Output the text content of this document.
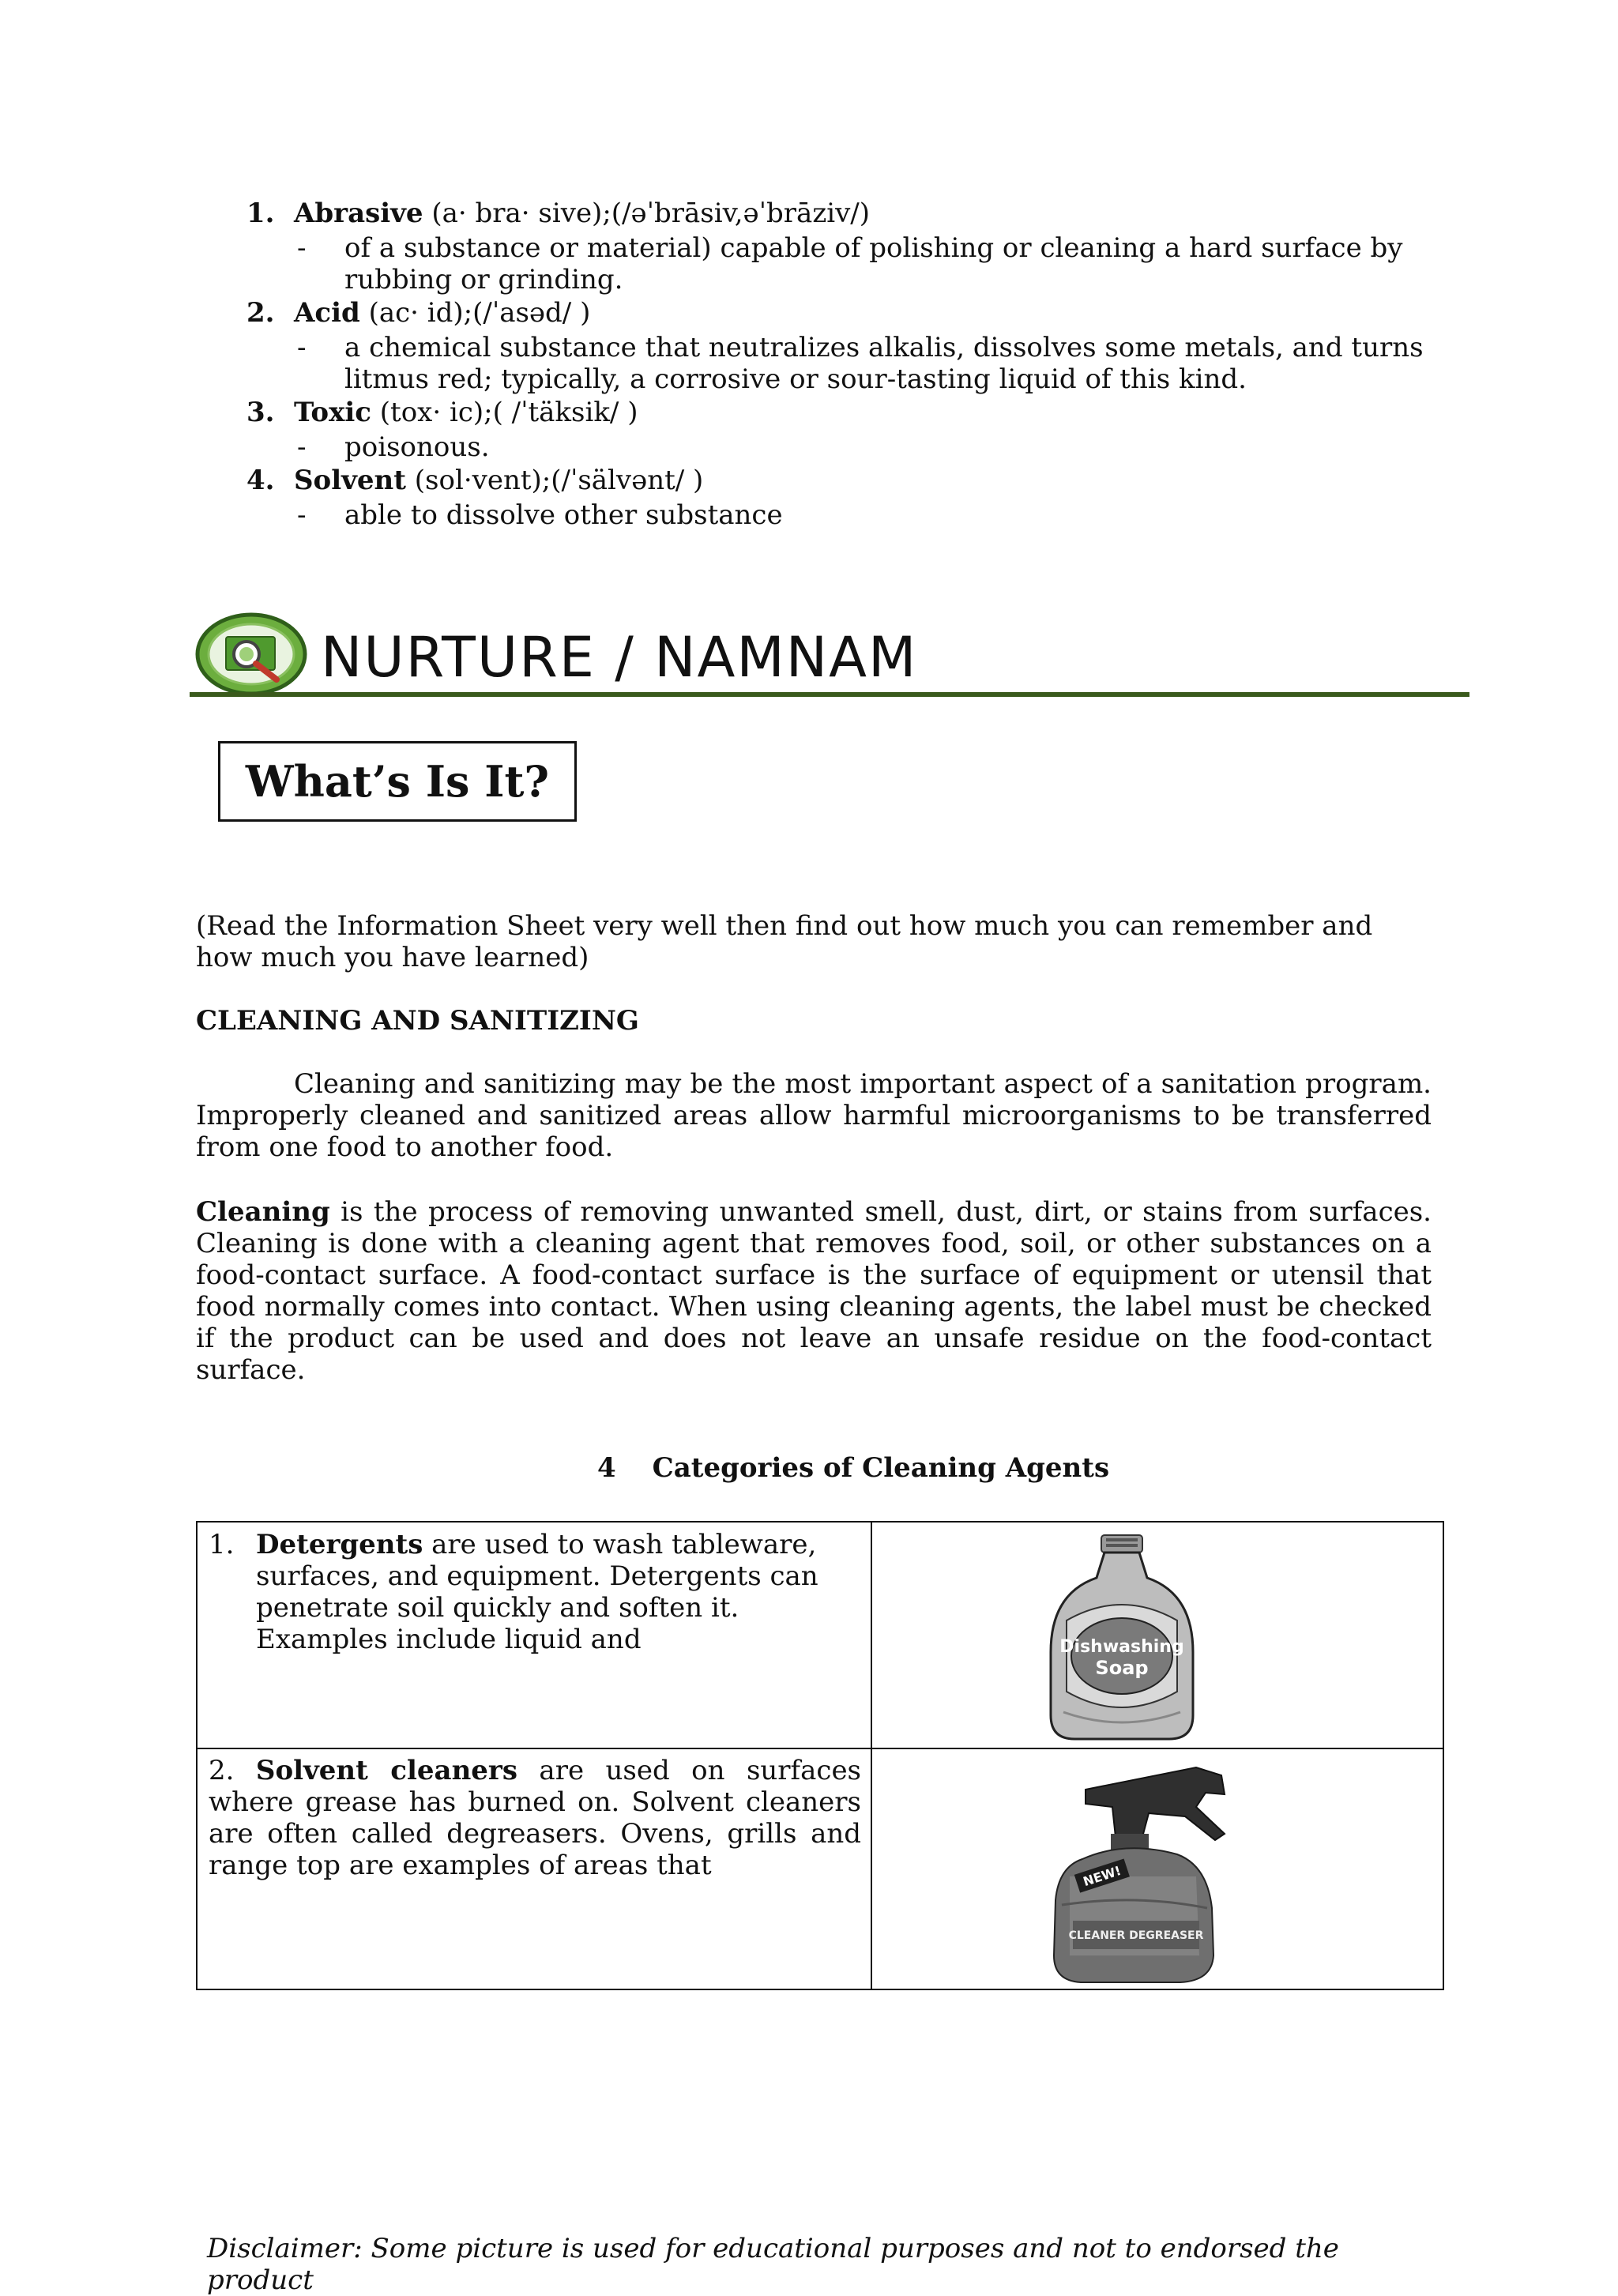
1. Abrasive (a· bra· sive);(/əˈbrāsiv,əˈbrāziv/)
- of a substance or material) capable of polishing or cleaning a hard surface by
rubbing or grinding.
2. Acid (ac· id);(/ˈasəd/ )
- a chemical substance that neutralizes alkalis, dissolves some metals, and turns
litmus red; typically, a corrosive or sour-tasting liquid of this kind.
3. Toxic (tox· ic);( /ˈtäksik/ )
- poisonous.
4. Solvent (sol·vent);(/ˈsälvənt/ )
- able to dissolve other substance
NURTURE / NAMNAM
What’s Is It?
(Read the Information Sheet very well then find out how much you can remember and how much you have learned)
CLEANING AND SANITIZING
Cleaning and sanitizing may be the most important aspect of a sanitation program. Improperly cleaned and sanitized areas allow harmful microorganisms to be transferred from one food to another food.
Cleaning is the process of removing unwanted smell, dust, dirt, or stains from surfaces. Cleaning is done with a cleaning agent that removes food, soil, or other substances on a food-contact surface. A food-contact surface is the surface of equipment or utensil that food normally comes into contact. When using cleaning agents, the label must be checked if the product can be used and does not leave an unsafe residue on the food-contact surface.
4 Categories of Cleaning Agents
1. Detergents are used to wash tableware, surfaces, and equipment. Detergents can penetrate soil quickly and soften it. Examples include liquid and	Dishwashing
Soap
2. Solvent cleaners are used on surfaces where grease has burned on. Solvent cleaners are often called degreasers. Ovens, grills and range top are examples of areas that	NEW!
CLEANER DEGREASER
Disclaimer: Some picture is used for educational purposes and not to endorsed the product
